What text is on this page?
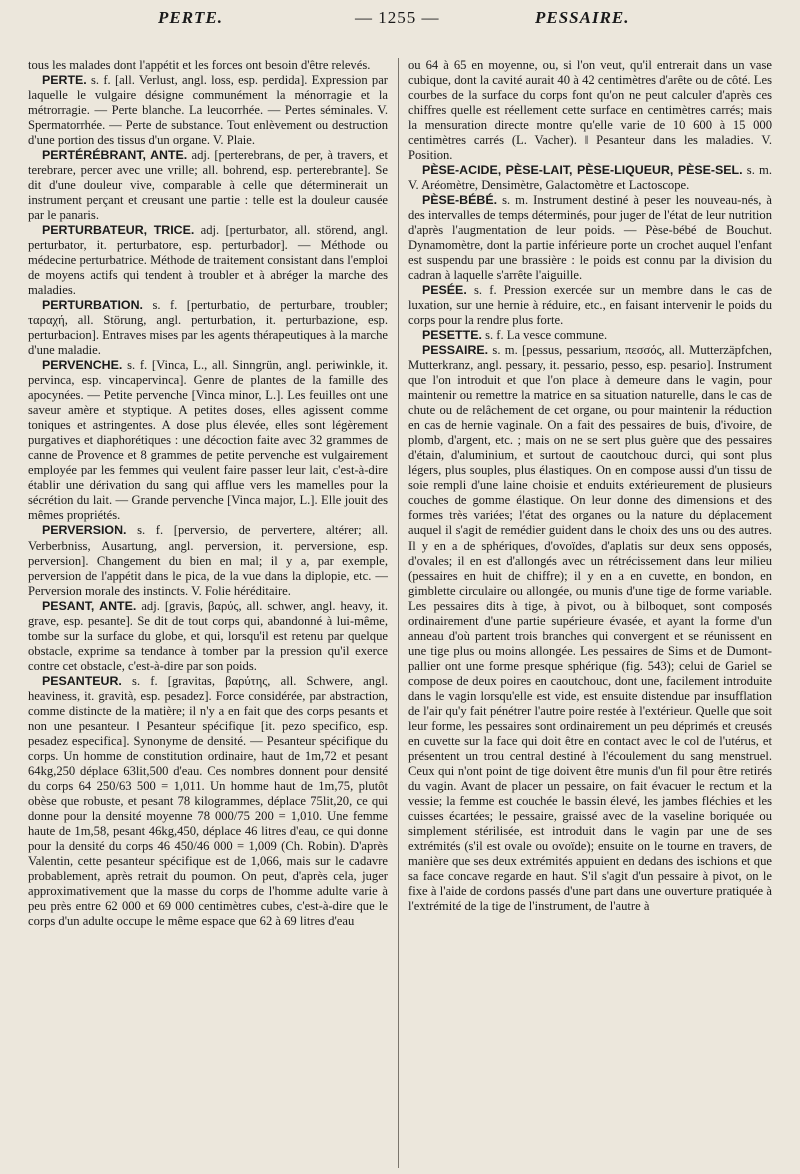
PERTE.	— 1255 —	PESSAIRE.

tous les malades dont l'appétit et les forces ont besoin d'être relevés.

PERTE. s. f. [all. Verlust, angl. loss, esp. perdida]. Expression par laquelle le vulgaire désigne communément la ménorragie et la métrorragie. — Perte blanche. La leucorrhée. — Pertes séminales. V. Spermatorrhée. — Perte de substance. Tout enlèvement ou destruction d'une portion des tissus d'un organe. V. Plaie.

PERTÉRÉBRANT, ANTE. adj. [perterebrans, de per, à travers, et terebrare, percer avec une vrille; all. bohrend, esp. perterebrante]. Se dit d'une douleur vive, comparable à celle que déterminerait un instrument perçant et creusant une partie : telle est la douleur causée par le panaris.

PERTURBATEUR, TRICE. adj. [perturbator, all. störend, angl. perturbator, it. perturbatore, esp. perturbador]. — Méthode ou médecine perturbatrice. Méthode de traitement consistant dans l'emploi de moyens actifs qui tendent à troubler et à abréger la marche des maladies.

PERTURBATION. s. f. [perturbatio, de perturbare, troubler; ταραχή, all. Störung, angl. perturbation, it. perturbazione, esp. perturbacion]. Entraves mises par les agents thérapeutiques à la marche d'une maladie.

PERVENCHE. s. f. [Vinca, L., all. Sinngrün, angl. periwinkle, it. pervinca, esp. vincapervinca]. Genre de plantes de la famille des apocynées. — Petite pervenche [Vinca minor, L.]. Les feuilles ont une saveur amère et styptique. A petites doses, elles agissent comme toniques et astringentes. A dose plus élevée, elles sont légèrement purgatives et diaphorétiques : une décoction faite avec 32 grammes de canne de Provence et 8 grammes de petite pervenche est vulgairement employée par les femmes qui veulent faire passer leur lait, c'est-à-dire établir une dérivation du sang qui afflue vers les mamelles pour la sécrétion du lait. — Grande pervenche [Vinca major, L.]. Elle jouit des mêmes propriétés.

PERVERSION. s. f. [perversio, de pervertere, altérer; all. Verberbniss, Ausartung, angl. perversion, it. perversione, esp. perversion]. Changement du bien en mal; il y a, par exemple, perversion de l'appétit dans le pica, de la vue dans la diplopie, etc. — Perversion morale des instincts. V. Folie héréditaire.

PESANT, ANTE. adj. [gravis, βαρύς, all. schwer, angl. heavy, it. grave, esp. pesante]. Se dit de tout corps qui, abandonné à lui-même, tombe sur la surface du globe, et qui, lorsqu'il est retenu par quelque obstacle, exprime sa tendance à tomber par la pression qu'il exerce contre cet obstacle, c'est-à-dire par son poids.

PESANTEUR. s. f. [gravitas, βαρύτης, all. Schwere, angl. heaviness, it. gravità, esp. pesadez]. Force considérée, par abstraction, comme distincte de la matière; il n'y a en fait que des corps pesants et non une pesanteur. ‖ Pesanteur spécifique [it. pezo specifico, esp. pesadez especifica]. Synonyme de densité. — Pesanteur spécifique du corps. Un homme de constitution ordinaire, haut de 1m,72 et pesant 64kg,250 déplace 63lit,500 d'eau. Ces nombres donnent pour densité du corps 64 250/63 500 = 1,011. Un homme haut de 1m,75, plutôt obèse que robuste, et pesant 78 kilogrammes, déplace 75lit,20, ce qui donne pour la densité moyenne 78 000/75 200 = 1,010. Une femme haute de 1m,58, pesant 46kg,450, déplace 46 litres d'eau, ce qui donne pour la densité du corps 46 450/46 000 = 1,009 (Ch. Robin). D'après Valentin, cette pesanteur spécifique est de 1,066, mais sur le cadavre probablement, après retrait du poumon. On peut, d'après cela, juger approximativement que la masse du corps de l'homme adulte varie à peu près entre 62 000 et 69 000 centimètres cubes, c'est-à-dire que le corps d'un adulte occupe le même espace que 62 à 69 litres d'eau

ou 64 à 65 en moyenne, ou, si l'on veut, qu'il entrerait dans un vase cubique, dont la cavité aurait 40 à 42 centimètres d'arête ou de côté. Les courbes de la surface du corps font qu'on ne peut calculer d'après ces chiffres quelle est réellement cette surface en centimètres carrés; mais la mensuration directe montre qu'elle varie de 10 600 à 15 000 centimètres carrés (L. Vacher). ‖ Pesanteur dans les maladies. V. Position.

PÈSE-ACIDE, PÈSE-LAIT, PÈSE-LIQUEUR, PÈSE-SEL. s. m. V. Aréomètre, Densimètre, Galactomètre et Lactoscope.

PÈSE-BÉBÉ. s. m. Instrument destiné à peser les nouveau-nés, à des intervalles de temps déterminés, pour juger de l'état de leur nutrition d'après l'augmentation de leur poids. — Pèse-bébé de Bouchut. Dynamomètre, dont la partie inférieure porte un crochet auquel l'enfant est suspendu par une brassière : le poids est connu par la division du cadran à laquelle s'arrête l'aiguille.

PESÉE. s. f. Pression exercée sur un membre dans le cas de luxation, sur une hernie à réduire, etc., en faisant intervenir le poids du corps pour la rendre plus forte.

PESETTE. s. f. La vesce commune.

PESSAIRE. s. m. [pessus, pessarium, πεσσός, all. Mutterzäpfchen, Mutterkranz, angl. pessary, it. pessario, pesso, esp. pesario]. Instrument que l'on introduit et que l'on place à demeure dans le vagin, pour maintenir ou remettre la matrice en sa situation naturelle, dans le cas de chute ou de relâchement de cet organe, ou pour maintenir la réduction en cas de hernie vaginale. On a fait des pessaires de buis, d'ivoire, de plomb, d'argent, etc. ; mais on ne se sert plus guère que des pessaires d'étain, d'aluminium, et surtout de caoutchouc durci, qui sont plus légers, plus souples, plus élastiques. On en compose aussi d'un tissu de soie rempli d'une laine choisie et enduits extérieurement de plusieurs couches de gomme élastique. On leur donne des dimensions et des formes très variées; l'état des organes ou la nature du déplacement auquel il s'agit de remédier guident dans le choix des uns ou des autres. Il y en a de sphériques, d'ovoïdes, d'aplatis sur deux sens opposés, d'ovales; il en est d'allongés avec un rétrécissement dans leur milieu (pessaires en huit de chiffre); il y en a en cuvette, en bondon, en gimblette circulaire ou allongée, ou munis d'une tige de forme variable. Les pessaires dits à tige, à pivot, ou à bilboquet, sont composés ordinairement d'une partie supérieure évasée, et ayant la forme d'un anneau d'où partent trois branches qui convergent et se réunissent en une tige plus ou moins allongée. Les pessaires de Sims et de Dumont-pallier ont une forme presque sphérique (fig. 543); celui de Gariel se compose de deux poires en caoutchouc, dont une, facilement introduite dans le vagin lorsqu'elle est vide, est ensuite distendue par insufflation de l'air qu'y fait pénétrer l'autre poire restée à l'extérieur. Quelle que soit leur forme, les pessaires sont ordinairement un peu déprimés et creusés en cuvette sur la face qui doit être en contact avec le col de l'utérus, et présentent un trou central destiné à l'écoulement du sang menstruel. Ceux qui n'ont point de tige doivent être munis d'un fil pour être retirés du vagin. Avant de placer un pessaire, on fait évacuer le rectum et la vessie; la femme est couchée le bassin élevé, les jambes fléchies et les cuisses écartées; le pessaire, graissé avec de la vaseline boriquée ou simplement stérilisée, est introduit dans le vagin par une de ses extrémités (s'il est ovale ou ovoïde); ensuite on le tourne en travers, de manière que ses deux extrémités appuient en dedans des ischions et que sa face concave regarde en haut. S'il s'agit d'un pessaire à pivot, on le fixe à l'aide de cordons passés d'une part dans une ouverture pratiquée à l'extrémité de la tige de l'instrument, de l'autre à
